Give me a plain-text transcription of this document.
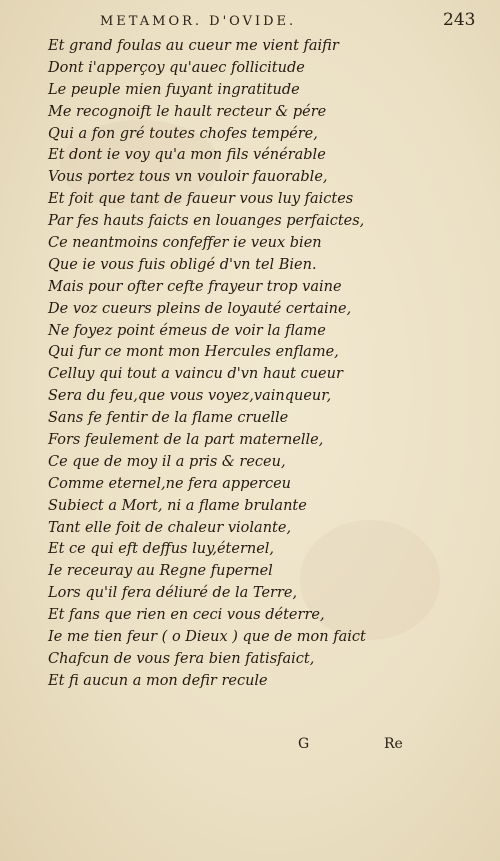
METAMOR. D'OVIDE.	243
Et grand foulas au cueur me vient faifir
Dont i'apperçoy qu'auec follicitude
Le peuple mien fuyant ingratitude
Me recognoift le hault recteur & pére
Qui a fon gré toutes chofes tempére,
Et dont ie voy qu'a mon fils vénérable
Vous portez tous vn vouloir fauorable,
Et foit que tant de faueur vous luy faictes
Par fes hauts faicts en louanges perfaictes,
Ce neantmoins confeffer ie veux bien
Que ie vous fuis obligé d'vn tel Bien.
Mais pour ofter cefte frayeur trop vaine
De voz cueurs pleins de loyauté certaine,
Ne foyez point émeus de voir la flame
Qui fur ce mont mon Hercules enflame,
Celluy qui tout a vaincu d'vn haut cueur
Sera du feu,que vous voyez,vainqueur,
Sans fe fentir de la flame cruelle
Fors feulement de la part maternelle,
Ce que de moy il a pris & receu,
Comme eternel,ne fera apperceu
Subiect a Mort, ni a flame brulante
Tant elle foit de chaleur violante,
Et ce qui eft deffus luy,éternel,
Ie receuray au Regne fupernel
Lors qu'il fera déliuré de la Terre,
Et fans que rien en ceci vous déterre,
Ie me tien feur ( o Dieux ) que de mon faict
Chafcun de vous fera bien fatisfaict,
Et fi aucun a mon defir recule
G	Re
